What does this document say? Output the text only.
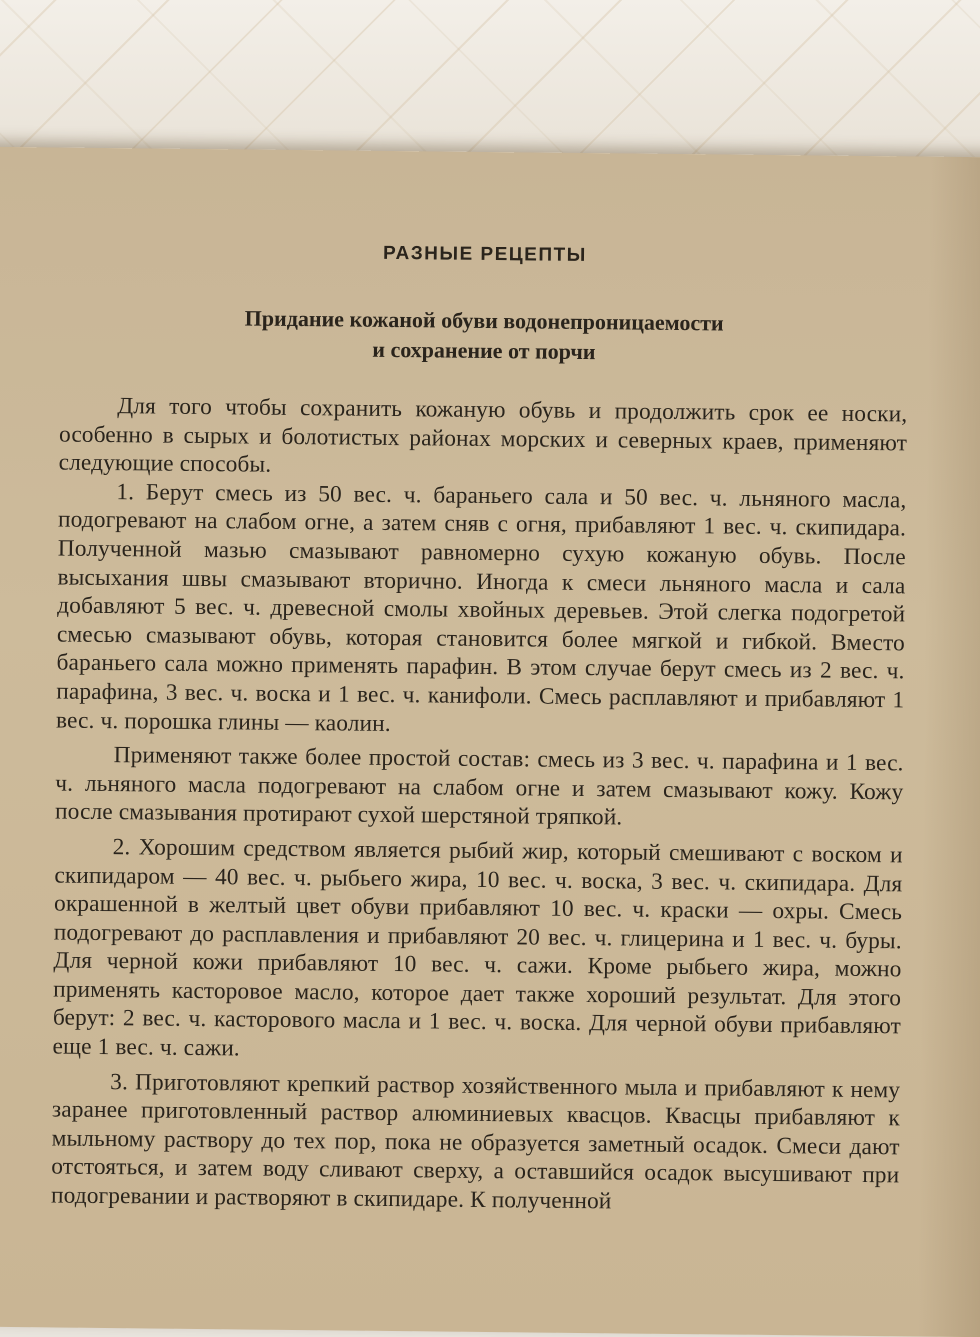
РАЗНЫЕ РЕЦЕПТЫ
Придание кожаной обуви водонепроницаемости
и сохранение от порчи

Для того чтобы сохранить кожаную обувь и продолжить срок ее носки, особенно в сырых и болотистых районах морских и северных краев, применяют следующие способы.

1. Берут смесь из 50 вес. ч. бараньего сала и 50 вес. ч. льняного масла, подогревают на слабом огне, а затем сняв с огня, прибавляют 1 вес. ч. скипидара. Полученной мазью смазывают равномерно сухую кожаную обувь. После высыхания швы смазывают вторично. Иногда к смеси льняного масла и сала добавляют 5 вес. ч. древесной смолы хвойных деревьев. Этой слегка подогретой смесью смазывают обувь, которая становится более мягкой и гибкой. Вместо бараньего сала можно применять парафин. В этом случае берут смесь из 2 вес. ч. парафина, 3 вес. ч. воска и 1 вес. ч. канифоли. Смесь расплавляют и прибавляют 1 вес. ч. порошка глины — каолин.

Применяют также более простой состав: смесь из 3 вес. ч. парафина и 1 вес. ч. льняного масла подогревают на слабом огне и затем смазывают кожу. Кожу после смазывания протирают сухой шерстяной тряпкой.

2. Хорошим средством является рыбий жир, который смешивают с воском и скипидаром — 40 вес. ч. рыбьего жира, 10 вес. ч. воска, 3 вес. ч. скипидара. Для окрашенной в желтый цвет обуви прибавляют 10 вес. ч. краски — охры. Смесь подогревают до расплавления и прибавляют 20 вес. ч. глицерина и 1 вес. ч. буры. Для черной кожи прибавляют 10 вес. ч. сажи. Кроме рыбьего жира, можно применять касторовое масло, которое дает также хороший результат. Для этого берут: 2 вес. ч. касторового масла и 1 вес. ч. воска. Для черной обуви прибавляют еще 1 вес. ч. сажи.

3. Приготовляют крепкий раствор хозяйственного мыла и прибавляют к нему заранее приготовленный раствор алюминиевых квасцов. Квасцы прибавляют к мыльному раствору до тех пор, пока не образуется заметный осадок. Смеси дают отстояться, и затем воду сливают сверху, а оставшийся осадок высушивают при подогревании и растворяют в скипидаре. К полученной
